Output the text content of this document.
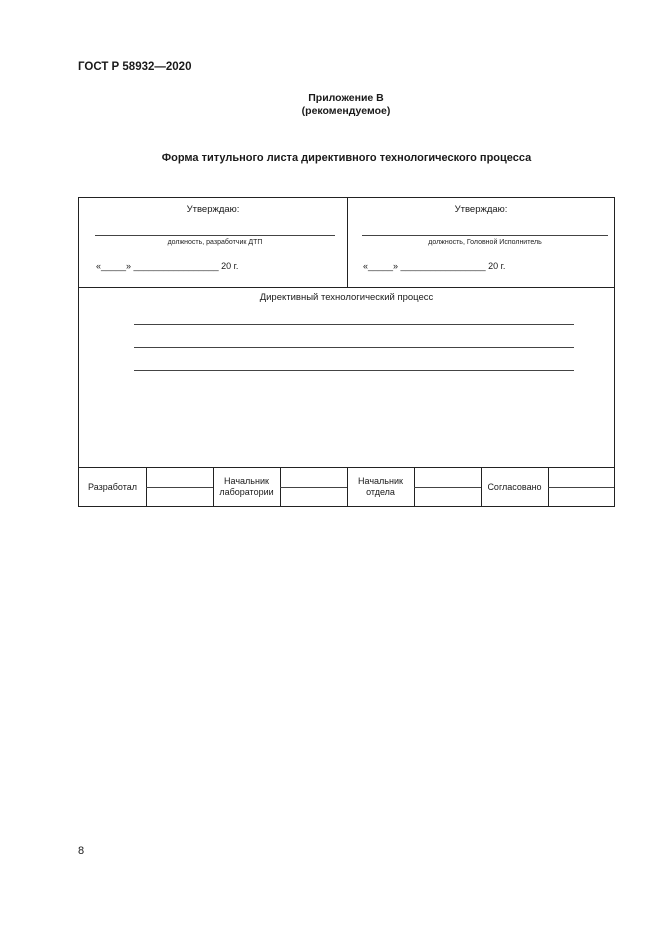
ГОСТ Р 58932—2020
Приложение В
(рекомендуемое)
Форма титульного листа директивного технологического процесса
Утверждаю:
должность, разработчик ДТП
«_____» _________________ 20 г.
Утверждаю:
должность, Головной Исполнитель
«_____» _________________ 20 г.
Директивный технологический процесс
Разработал
Начальник
лаборатории
Начальник
отдела	Согласовано
8
